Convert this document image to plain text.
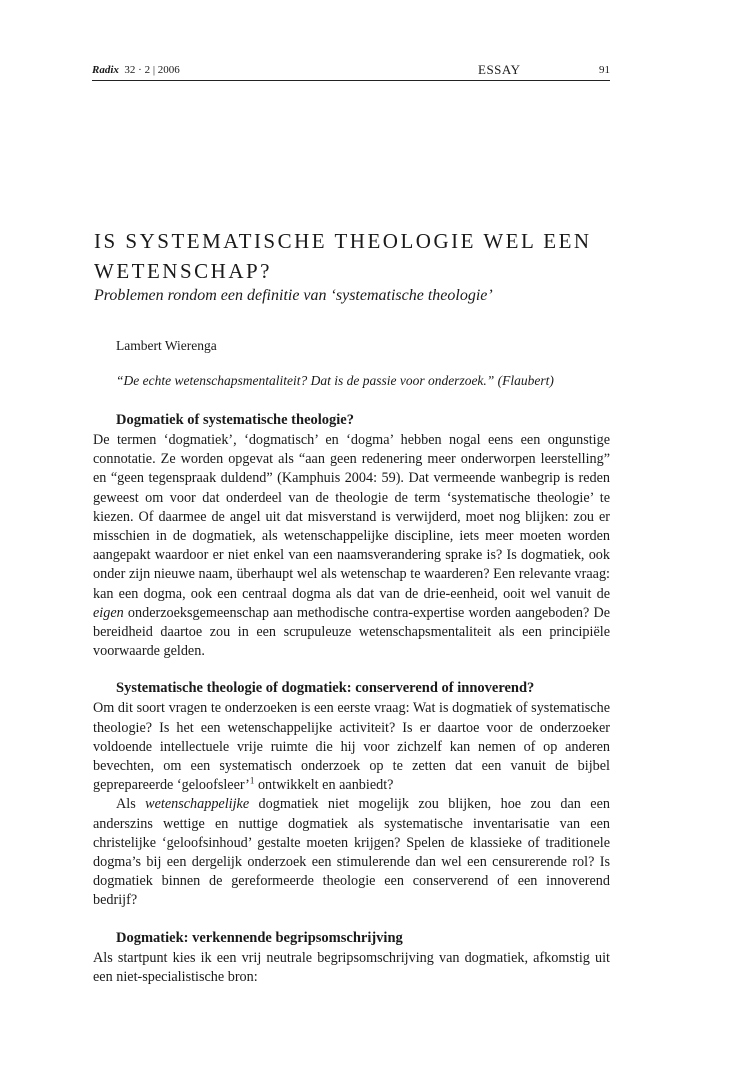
Radix 32 · 2 | 2006	ESSAY	91
IS SYSTEMATISCHE THEOLOGIE WEL EEN WETENSCHAP?

Problemen rondom een definitie van ‘systematische theologie’

Lambert Wierenga
“De echte wetenschapsmentaliteit? Dat is de passie voor onderzoek.” (Flaubert)
Dogmatiek of systematische theologie?

De termen ‘dogmatiek’, ‘dogmatisch’ en ‘dogma’ hebben nogal eens een ongunstige connotatie. Ze worden opgevat als “aan geen redenering meer onderworpen leerstelling” en “geen tegenspraak duldend” (Kamphuis 2004: 59). Dat vermeende wanbegrip is reden geweest om voor dat onderdeel van de theologie de term ‘systematische theologie’ te kiezen. Of daarmee de angel uit dat misverstand is verwijderd, moet nog blijken: zou er misschien in de dogmatiek, als wetenschappelijke discipline, iets meer moeten worden aangepakt waardoor er niet enkel van een naamsverandering sprake is? Is dogmatiek, ook onder zijn nieuwe naam, überhaupt wel als wetenschap te waarderen? Een relevante vraag: kan een dogma, ook een centraal dogma als dat van de drie-eenheid, ooit wel vanuit de eigen onderzoeksgemeenschap aan methodische contra-expertise worden aangeboden? De bereidheid daartoe zou in een scrupuleuze wetenschapsmentaliteit als een principiële voorwaarde gelden.

Systematische theologie of dogmatiek: conserverend of innoverend?

Om dit soort vragen te onderzoeken is een eerste vraag: Wat is dogmatiek of systematische theologie? Is het een wetenschappelijke activiteit? Is er daartoe voor de onderzoeker voldoende intellectuele vrije ruimte die hij voor zichzelf kan nemen of op anderen bevechten, om een systematisch onderzoek op te zetten dat een vanuit de bijbel geprepareerde ‘geloofsleer’$^1$ ontwikkelt en aanbiedt?

Als wetenschappelijke dogmatiek niet mogelijk zou blijken, hoe zou dan een anderszins wettige en nuttige dogmatiek als systematische inventarisatie van een christelijke ‘geloofsinhoud’ gestalte moeten krijgen? Spelen de klassieke of traditionele dogma’s bij een dergelijk onderzoek een stimulerende dan wel een censurerende rol? Is dogmatiek binnen de gereformeerde theologie een conserverend of een innoverend bedrijf?

Dogmatiek: verkennende begripsomschrijving

Als startpunt kies ik een vrij neutrale begripsomschrijving van dogmatiek, afkomstig uit een niet-specialistische bron:
